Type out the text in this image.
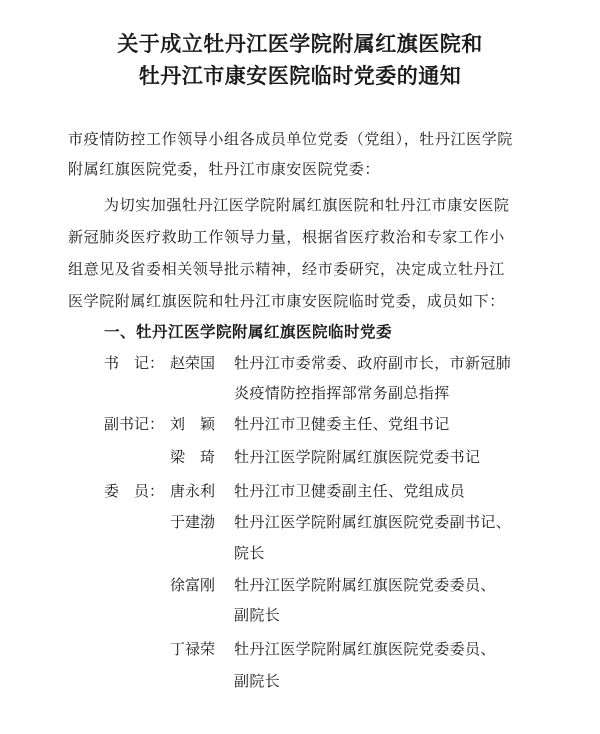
关于成立牡丹江医学院附属红旗医院和
牡丹江市康安医院临时党委的通知
市疫情防控工作领导小组各成员单位党委（党组），牡丹江医学院
附属红旗医院党委，牡丹江市康安医院党委：
为切实加强牡丹江医学院附属红旗医院和牡丹江市康安医院
新冠肺炎医疗救助工作领导力量，根据省医疗救治和专家工作小
组意见及省委相关领导批示精神，经市委研究，决定成立牡丹江
医学院附属红旗医院和牡丹江市康安医院临时党委，成员如下：
一、牡丹江医学院附属红旗医院临时党委
书　记： 赵荣国 牡丹江市委常委、政府副市长，市新冠肺
炎疫情防控指挥部常务副总指挥
副书记： 刘　颖 牡丹江市卫健委主任、党组书记
梁　琦 牡丹江医学院附属红旗医院党委书记
委　员： 唐永利 牡丹江市卫健委副主任、党组成员
于建渤 牡丹江医学院附属红旗医院党委副书记、
院长
徐富刚 牡丹江医学院附属红旗医院党委委员、
副院长
丁禄荣 牡丹江医学院附属红旗医院党委委员、
副院长
